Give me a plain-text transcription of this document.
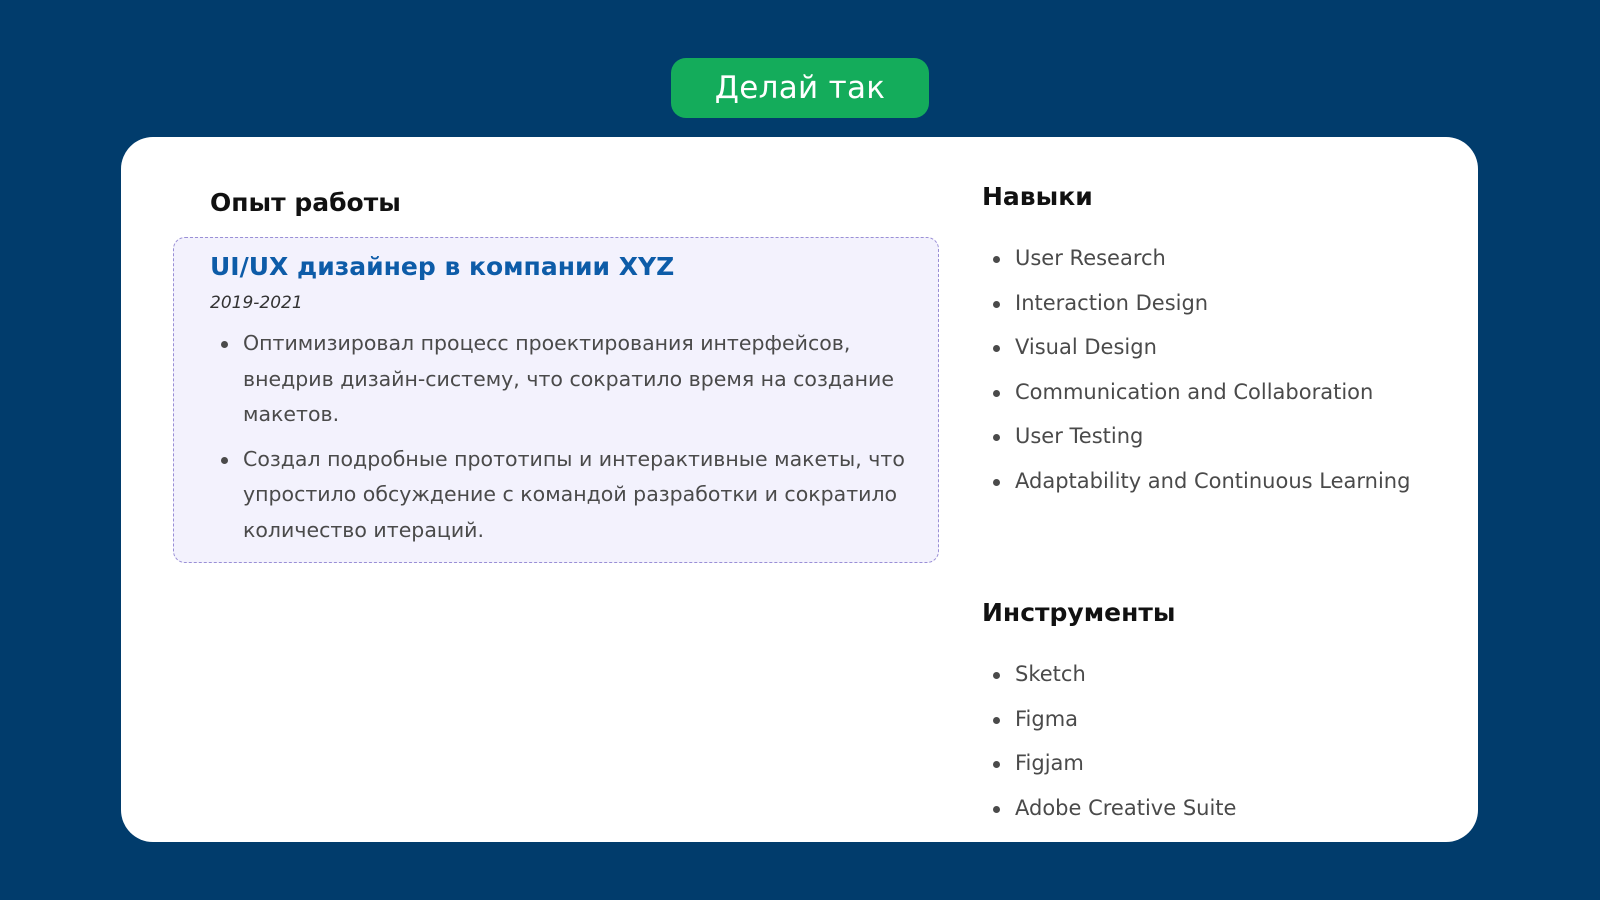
Делай так
Опыт работы
UI/UX дизайнер в компании XYZ
2019-2021
Оптимизировал процесс проектирования интерфейсов, внедрив дизайн-систему, что сократило время на создание макетов.
Создал подробные прототипы и интерактивные макеты, что упростило обсуждение с командой разработки и сократило количество итераций.
Навыки
User Research
Interaction Design
Visual Design
Communication and Collaboration
User Testing
Adaptability and Continuous Learning
Инструменты
Sketch
Figma
Figjam
Adobe Creative Suite
